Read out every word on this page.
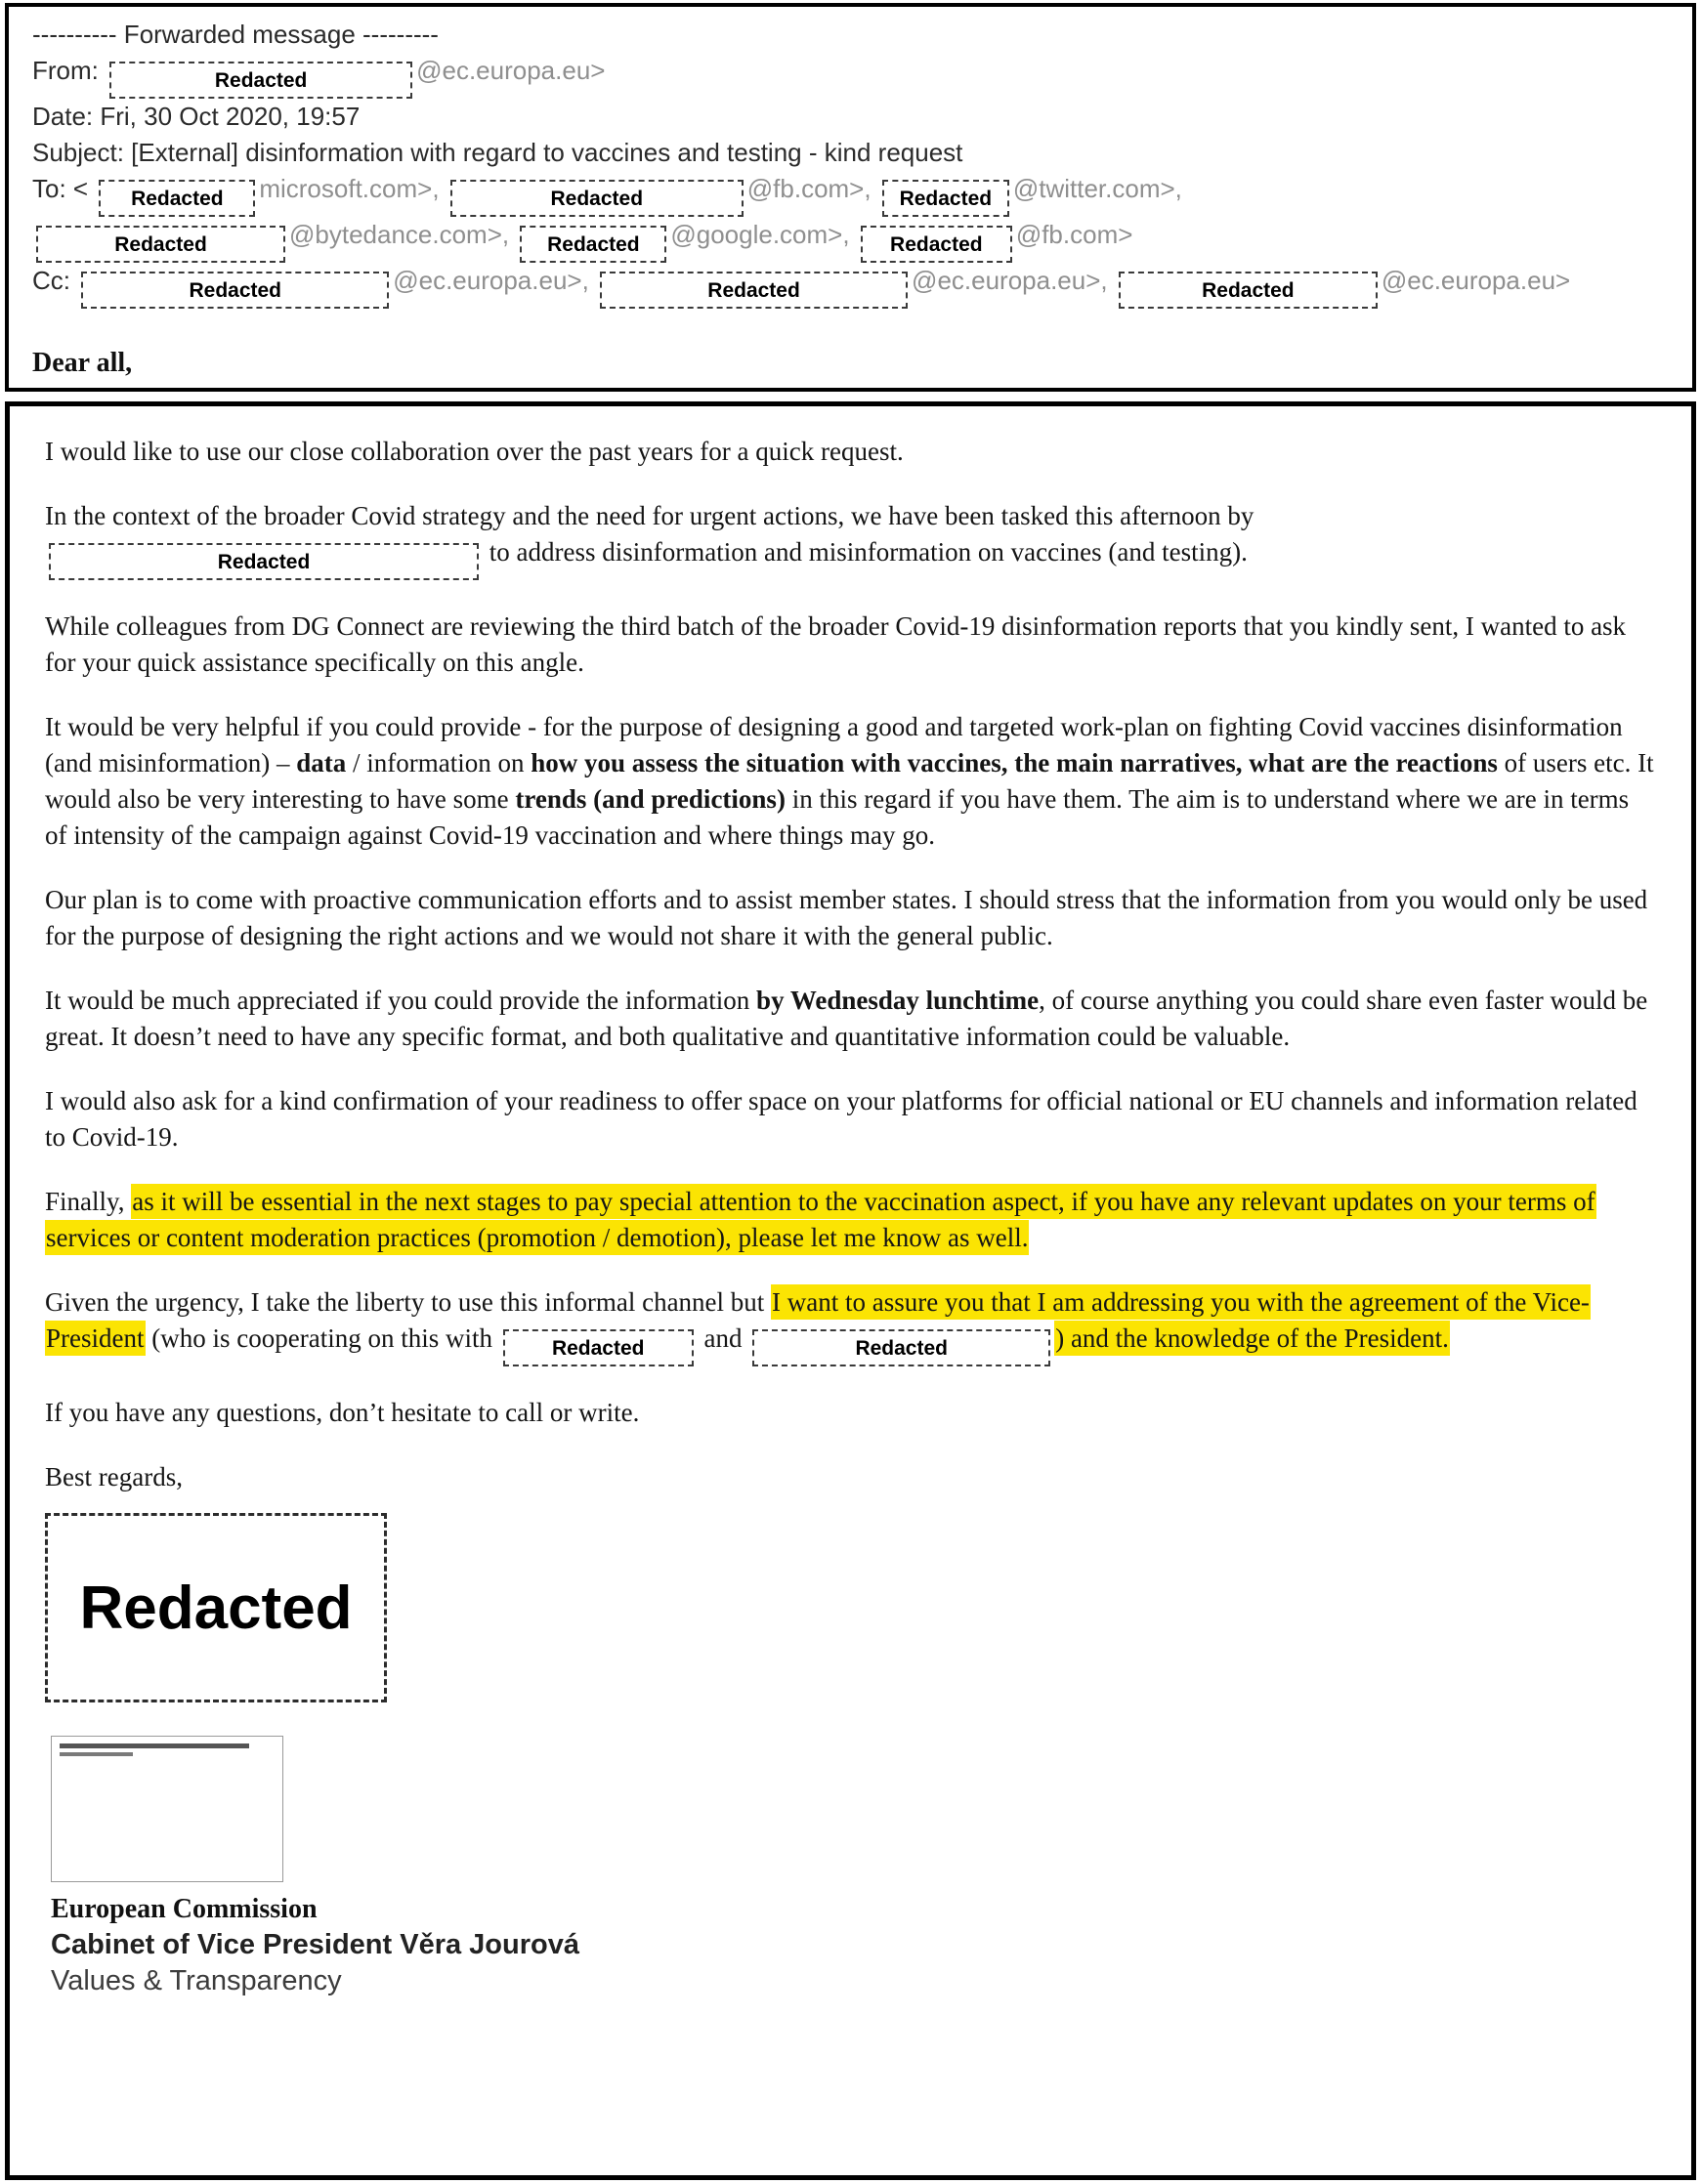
---------- Forwarded message ---------
From:	Redacted	@ec.europa.eu>
Date: Fri, 30 Oct 2020, 19:57
Subject: [External] disinformation with regard to vaccines and testing - kind request
To: < Redacted microsoft.com>,	Redacted	@fb.com>, Redacted @twitter.com>,
Redacted	@bytedance.com>, Redacted @google.com>, Redacted @fb.com>
Cc:	Redacted	@ec.europa.eu>,	Redacted	@ec.europa.eu>,	Redacted	@ec.europa.eu>
Dear all,

I would like to use our close collaboration over the past years for a quick request.

In the context of the broader Covid strategy and the need for urgent actions, we have been tasked this afternoon by Redacted	to address disinformation and misinformation on vaccines (and testing).

While colleagues from DG Connect are reviewing the third batch of the broader Covid-19 disinformation reports that you kindly sent, I wanted to ask for your quick assistance specifically on this angle.

It would be very helpful if you could provide - for the purpose of designing a good and targeted work-plan on fighting Covid vaccines disinformation (and misinformation) – data / information on how you assess the situation with vaccines, the main narratives, what are the reactions of users etc. It would also be very interesting to have some trends (and predictions) in this regard if you have them. The aim is to understand where we are in terms of intensity of the campaign against Covid-19 vaccination and where things may go.

Our plan is to come with proactive communication efforts and to assist member states. I should stress that the information from you would only be used for the purpose of designing the right actions and we would not share it with the general public.

It would be much appreciated if you could provide the information by Wednesday lunchtime, of course anything you could share even faster would be great. It doesn’t need to have any specific format, and both qualitative and quantitative information could be valuable.

I would also ask for a kind confirmation of your readiness to offer space on your platforms for official national or EU channels and information related to Covid-19.

Finally, as it will be essential in the next stages to pay special attention to the vaccination aspect, if you have any relevant updates on your terms of services or content moderation practices (promotion / demotion), please let me know as well.

Given the urgency, I take the liberty to use this informal channel but I want to assure you that I am addressing you with the agreement of the Vice-President (who is cooperating on this with	Redacted and	Redacted	) and the knowledge of the President.

If you have any questions, don’t hesitate to call or write.

Best regards,

Redacted
European Commission
Cabinet of Vice President Věra Jourová
Values & Transparency
